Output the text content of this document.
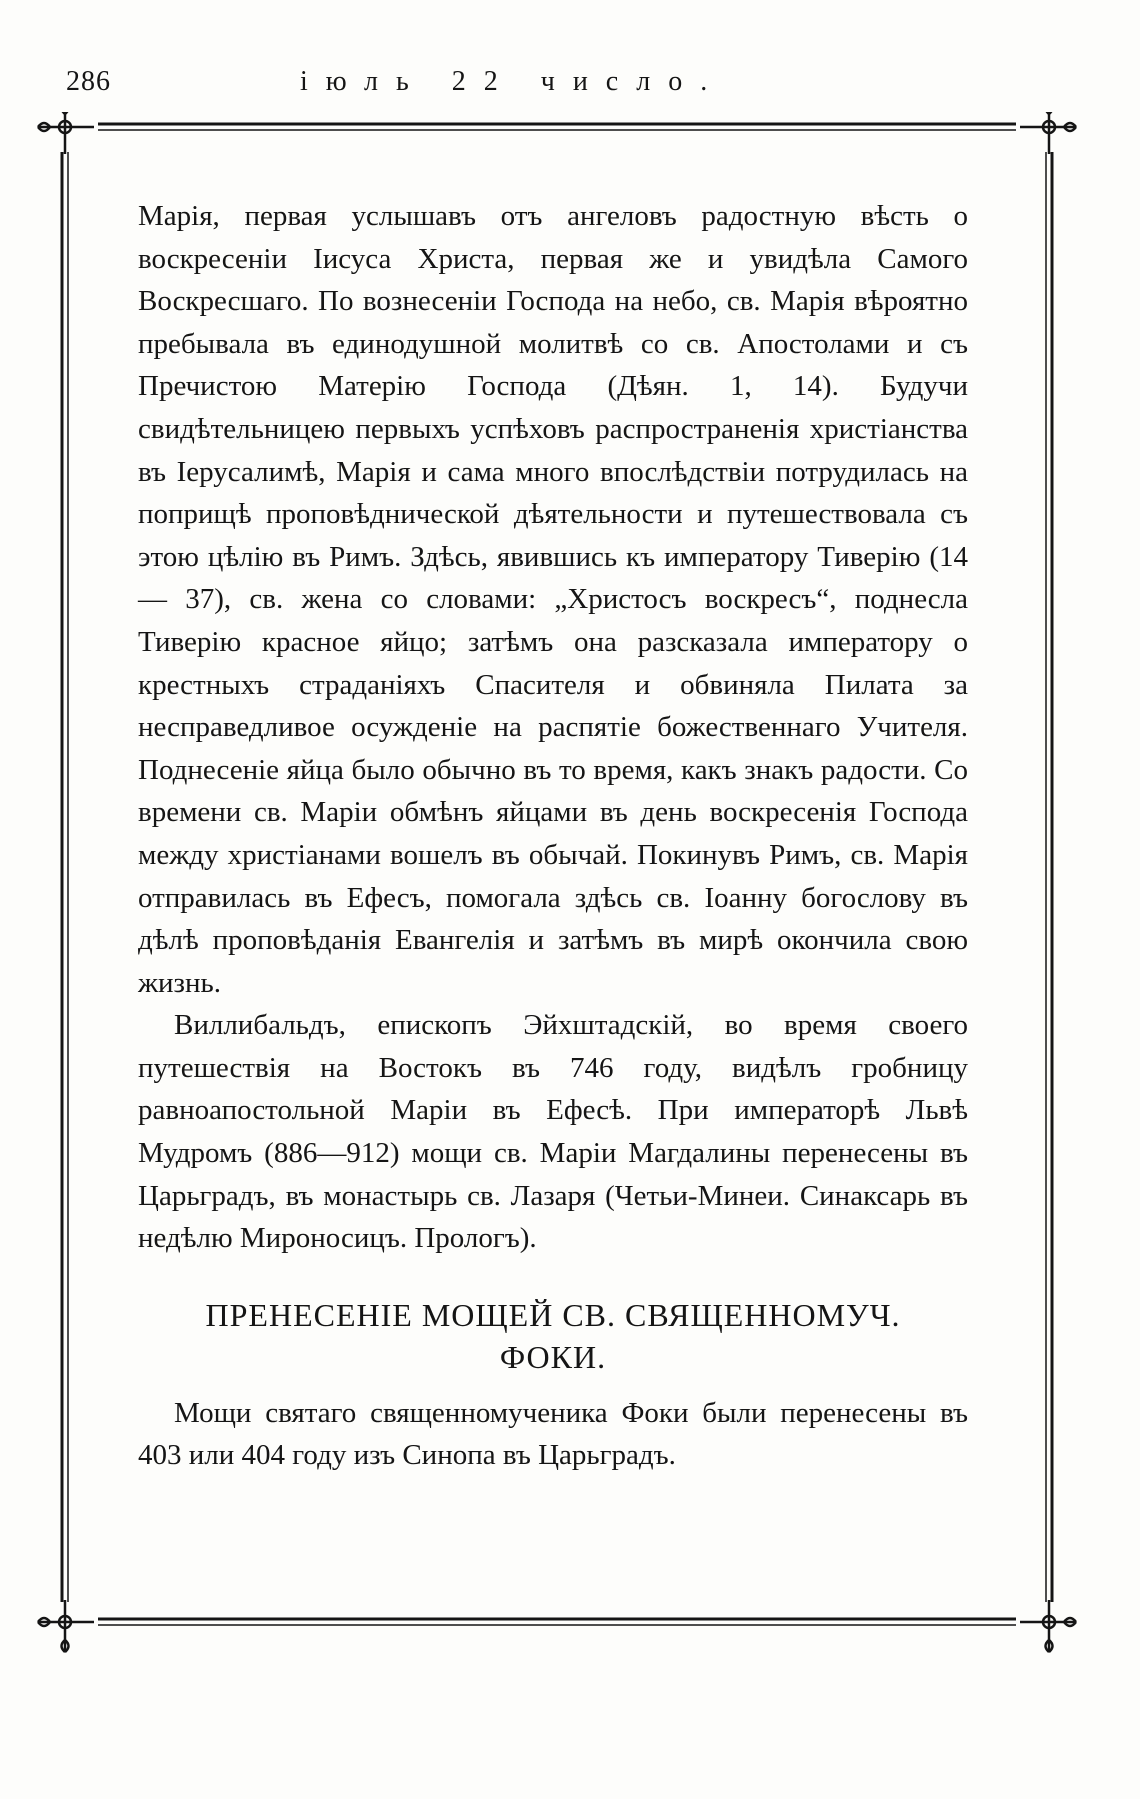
286	іюль 22 число.

Марія, первая услышавъ отъ ангеловъ радостную вѣсть о воскресеніи Іисуса Христа, первая же и увидѣла Самого Воскресшаго. По вознесеніи Господа на небо, св. Марія вѣроятно пребывала въ единодушной молитвѣ со св. Апостолами и съ Пречистою Матерію Господа (Дѣян. 1, 14). Будучи свидѣтельницею первыхъ успѣховъ распространенія христіанства въ Іерусалимѣ, Марія и сама много впослѣдствіи потрудилась на поприщѣ проповѣднической дѣятельности и путешествовала съ этою цѣлію въ Римъ. Здѣсь, явившись къ императору Тиверію (14 — 37), св. жена со словами: „Христосъ воскресъ“, поднесла Тиверію красное яйцо; затѣмъ она разсказала императору о крестныхъ страданіяхъ Спасителя и обвиняла Пилата за несправедливое осужденіе на распятіе божественнаго Учителя. Поднесеніе яйца было обычно въ то время, какъ знакъ радости. Со времени св. Маріи обмѣнъ яйцами въ день воскресенія Господа между христіанами вошелъ въ обычай. Покинувъ Римъ, св. Марія отправилась въ Ефесъ, помогала здѣсь св. Іоанну богослову въ дѣлѣ проповѣданія Евангелія и затѣмъ въ мирѣ окончила свою жизнь.

Виллибальдъ, епископъ Эйхштадскій, во время своего путешествія на Востокъ въ 746 году, видѣлъ гробницу равноапостольной Маріи въ Ефесѣ. При императорѣ Львѣ Мудромъ (886—912) мощи св. Маріи Магдалины перенесены въ Царьградъ, въ монастырь св. Лазаря (Четьи-Минеи. Синаксарь въ недѣлю Мироносицъ. Прологъ).

ПРЕНЕСЕНІЕ МОЩЕЙ СВ. СВЯЩЕННОМУЧ.
ФОКИ.

Мощи святаго священномученика Фоки были перенесены въ 403 или 404 году изъ Синопа въ Царьградъ.
